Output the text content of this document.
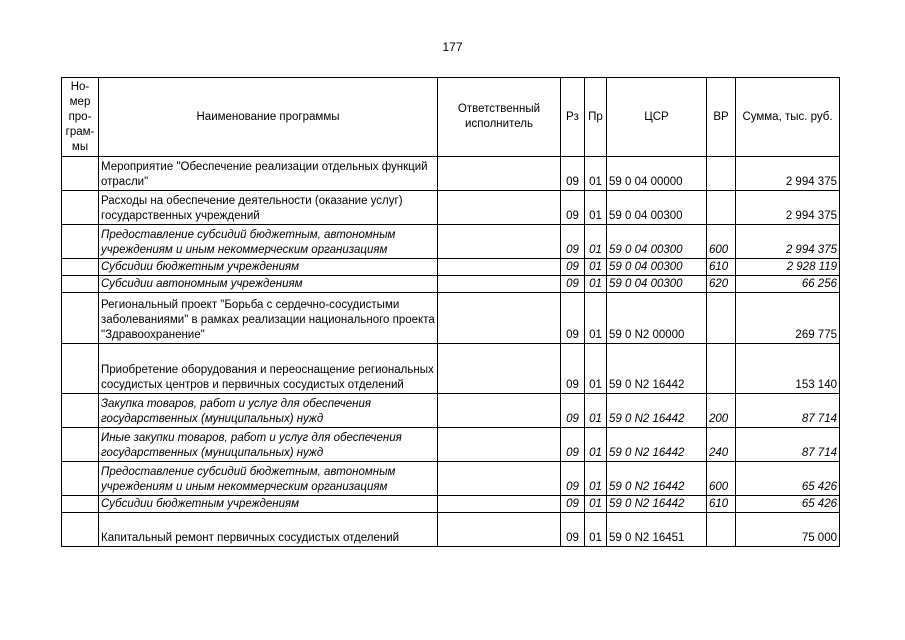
177
Но-мер про-грам-мы	Наименование программы	Ответственный исполнитель	Рз	Пр	ЦСР	ВР	Сумма, тыс. руб.
	Мероприятие "Обеспечение реализации отдельных функций отрасли"		09	01	59 0 04 00000		2 994 375
	Расходы на обеспечение деятельности (оказание услуг) государственных учреждений		09	01	59 0 04 00300		2 994 375
	Предоставление субсидий бюджетным, автономным учреждениям и иным некоммерческим организациям		09	01	59 0 04 00300	600	2 994 375
	Субсидии бюджетным учреждениям		09	01	59 0 04 00300	610	2 928 119
	Субсидии автономным учреждениям		09	01	59 0 04 00300	620	66 256
	Региональный проект "Борьба с сердечно-сосудистыми заболеваниями" в рамках реализации национального проекта "Здравоохранение"		09	01	59 0 N2 00000		269 775
	Приобретение оборудования и переоснащение региональных сосудистых центров и первичных сосудистых отделений		09	01	59 0 N2 16442		153 140
	Закупка товаров, работ и услуг для обеспечения государственных (муниципальных) нужд		09	01	59 0 N2 16442	200	87 714
	Иные закупки товаров, работ и услуг для обеспечения государственных (муниципальных) нужд		09	01	59 0 N2 16442	240	87 714
	Предоставление субсидий бюджетным, автономным учреждениям и иным некоммерческим организациям		09	01	59 0 N2 16442	600	65 426
	Субсидии бюджетным учреждениям		09	01	59 0 N2 16442	610	65 426
	Капитальный ремонт первичных сосудистых отделений		09	01	59 0 N2 16451		75 000
